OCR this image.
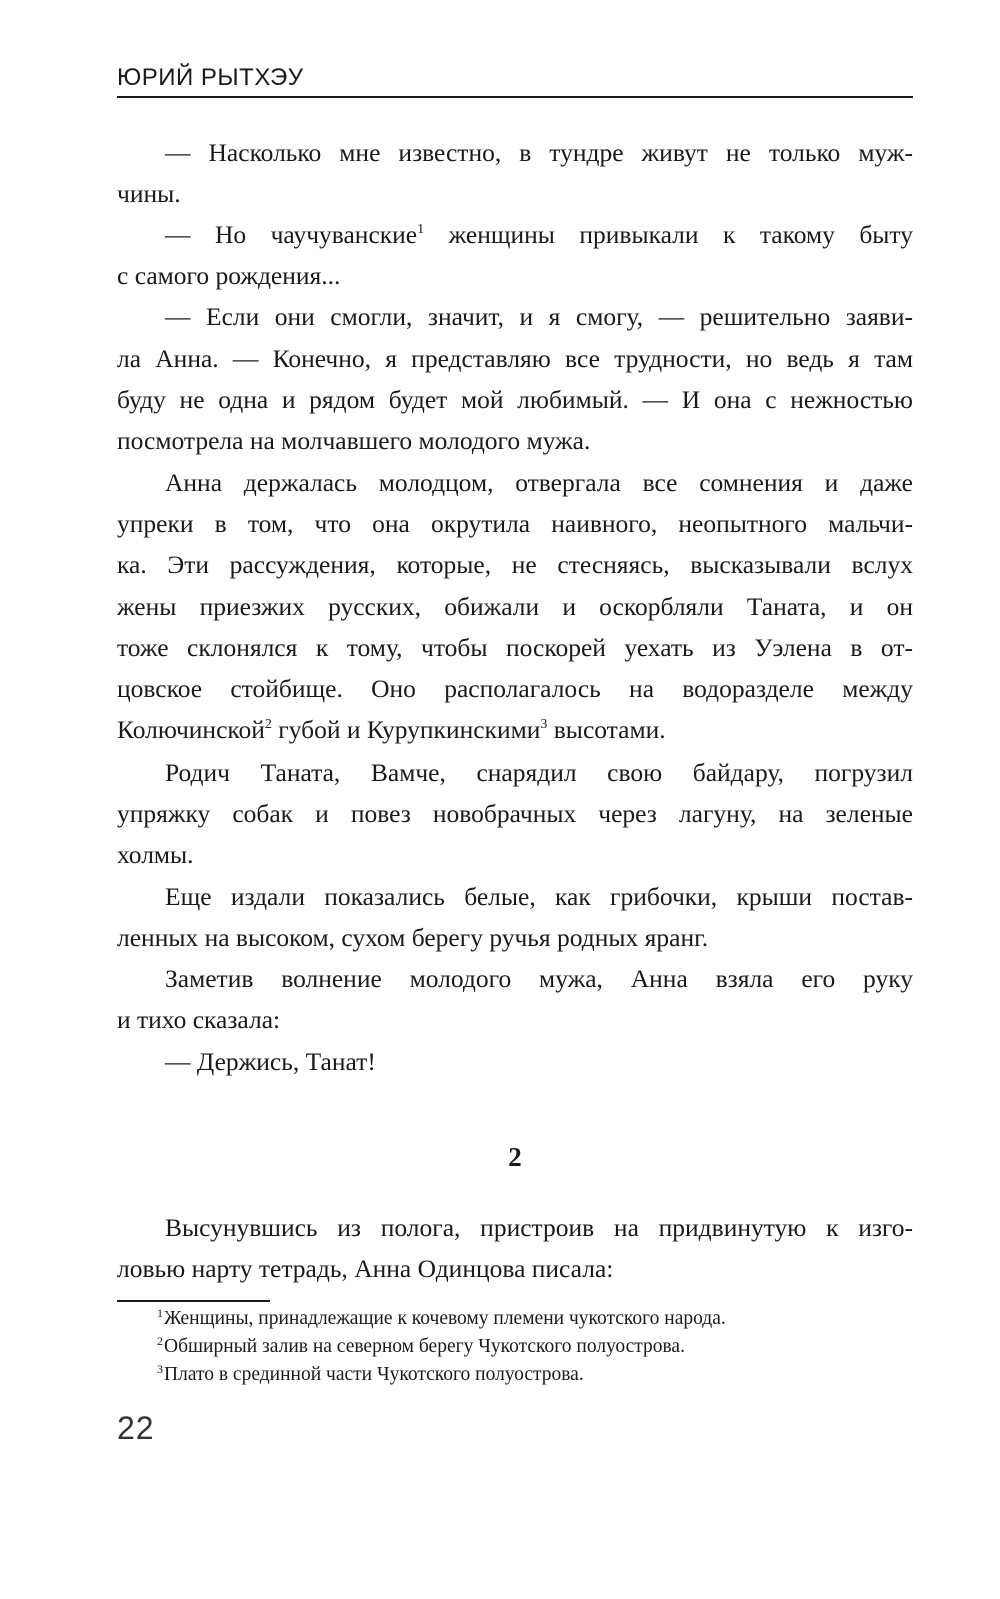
ЮРИЙ РЫТХЭУ
— Насколько мне известно, в тундре живут не только муж-
чины.
— Но чаучуванские$^1$ женщины привыкали к такому быту
с самого рождения...
— Если они смогли, значит, и я смогу, — решительно заяви-
ла Анна. — Конечно, я представляю все трудности, но ведь я там
буду не одна и рядом будет мой любимый. — И она с нежностью
посмотрела на молчавшего молодого мужа.
Анна держалась молодцом, отвергала все сомнения и даже
упреки в том, что она окрутила наивного, неопытного мальчи-
ка. Эти рассуждения, которые, не стесняясь, высказывали вслух
жены приезжих русских, обижали и оскорбляли Таната, и он
тоже склонялся к тому, чтобы поскорей уехать из Уэлена в от-
цовское стойбище. Оно располагалось на водоразделе между
Колючинской$^2$ губой и Курупкинскими$^3$ высотами.
Родич Таната, Вамче, снарядил свою байдару, погрузил
упряжку собак и повез новобрачных через лагуну, на зеленые
холмы.
Еще издали показались белые, как грибочки, крыши постав-
ленных на высоком, сухом берегу ручья родных яранг.
Заметив волнение молодого мужа, Анна взяла его руку
и тихо сказала:
— Держись, Танат!
2
Высунувшись из полога, пристроив на придвинутую к изго-
ловью нарту тетрадь, Анна Одинцова писала:
$^1$Женщины, принадлежащие к кочевому племени чукотского народа.
$^2$Обширный залив на северном берегу Чукотского полуострова.
$^3$Плато в срединной части Чукотского полуострова.
22
